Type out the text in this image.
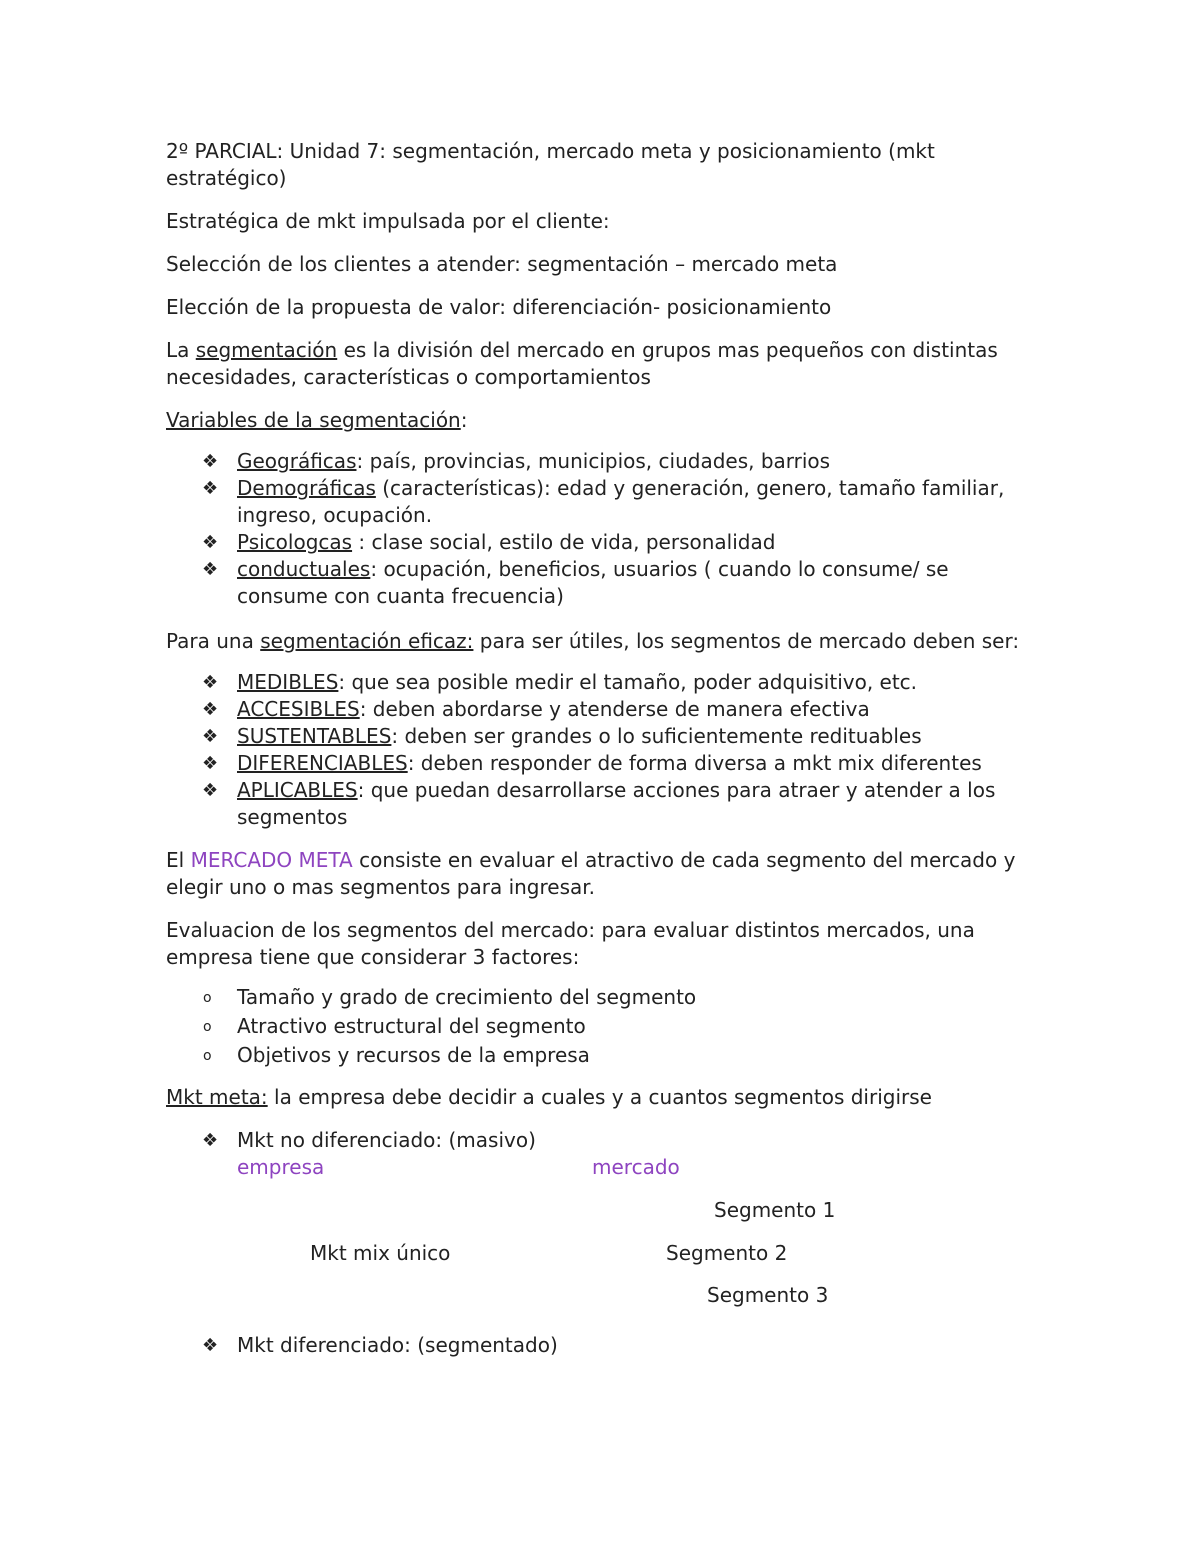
2º PARCIAL: Unidad 7: segmentación, mercado meta y posicionamiento (mkt estratégico)

Estratégica de mkt impulsada por el cliente:

Selección de los clientes a atender: segmentación – mercado meta

Elección de la propuesta de valor: diferenciación- posicionamiento

La segmentación es la división del mercado en grupos mas pequeños con distintas necesidades, características o comportamientos

Variables de la segmentación:

❖ Geográficas: país, provincias, municipios, ciudades, barrios
❖ Demográficas (características): edad y generación, genero, tamaño familiar, ingreso, ocupación.
❖ Psicologcas : clase social, estilo de vida, personalidad
❖ conductuales: ocupación, beneficios, usuarios ( cuando lo consume/ se consume con cuanta frecuencia)

Para una segmentación eficaz: para ser útiles, los segmentos de mercado deben ser:

❖ MEDIBLES: que sea posible medir el tamaño, poder adquisitivo, etc.
❖ ACCESIBLES: deben abordarse y atenderse de manera efectiva
❖ SUSTENTABLES: deben ser grandes o lo suficientemente redituables
❖ DIFERENCIABLES: deben responder de forma diversa a mkt mix diferentes
❖ APLICABLES: que puedan desarrollarse acciones para atraer y atender a los segmentos

El MERCADO META consiste en evaluar el atractivo de cada segmento del mercado y elegir uno o mas segmentos para ingresar.

Evaluacion de los segmentos del mercado: para evaluar distintos mercados, una empresa tiene que considerar 3 factores:

o Tamaño y grado de crecimiento del segmento
o Atractivo estructural del segmento
o Objetivos y recursos de la empresa

Mkt meta: la empresa debe decidir a cuales y a cuantos segmentos dirigirse

❖ Mkt no diferenciado: (masivo)
empresa	mercado
Segmento 1
Mkt mix único	Segmento 2
Segmento 3
❖ Mkt diferenciado: (segmentado)
